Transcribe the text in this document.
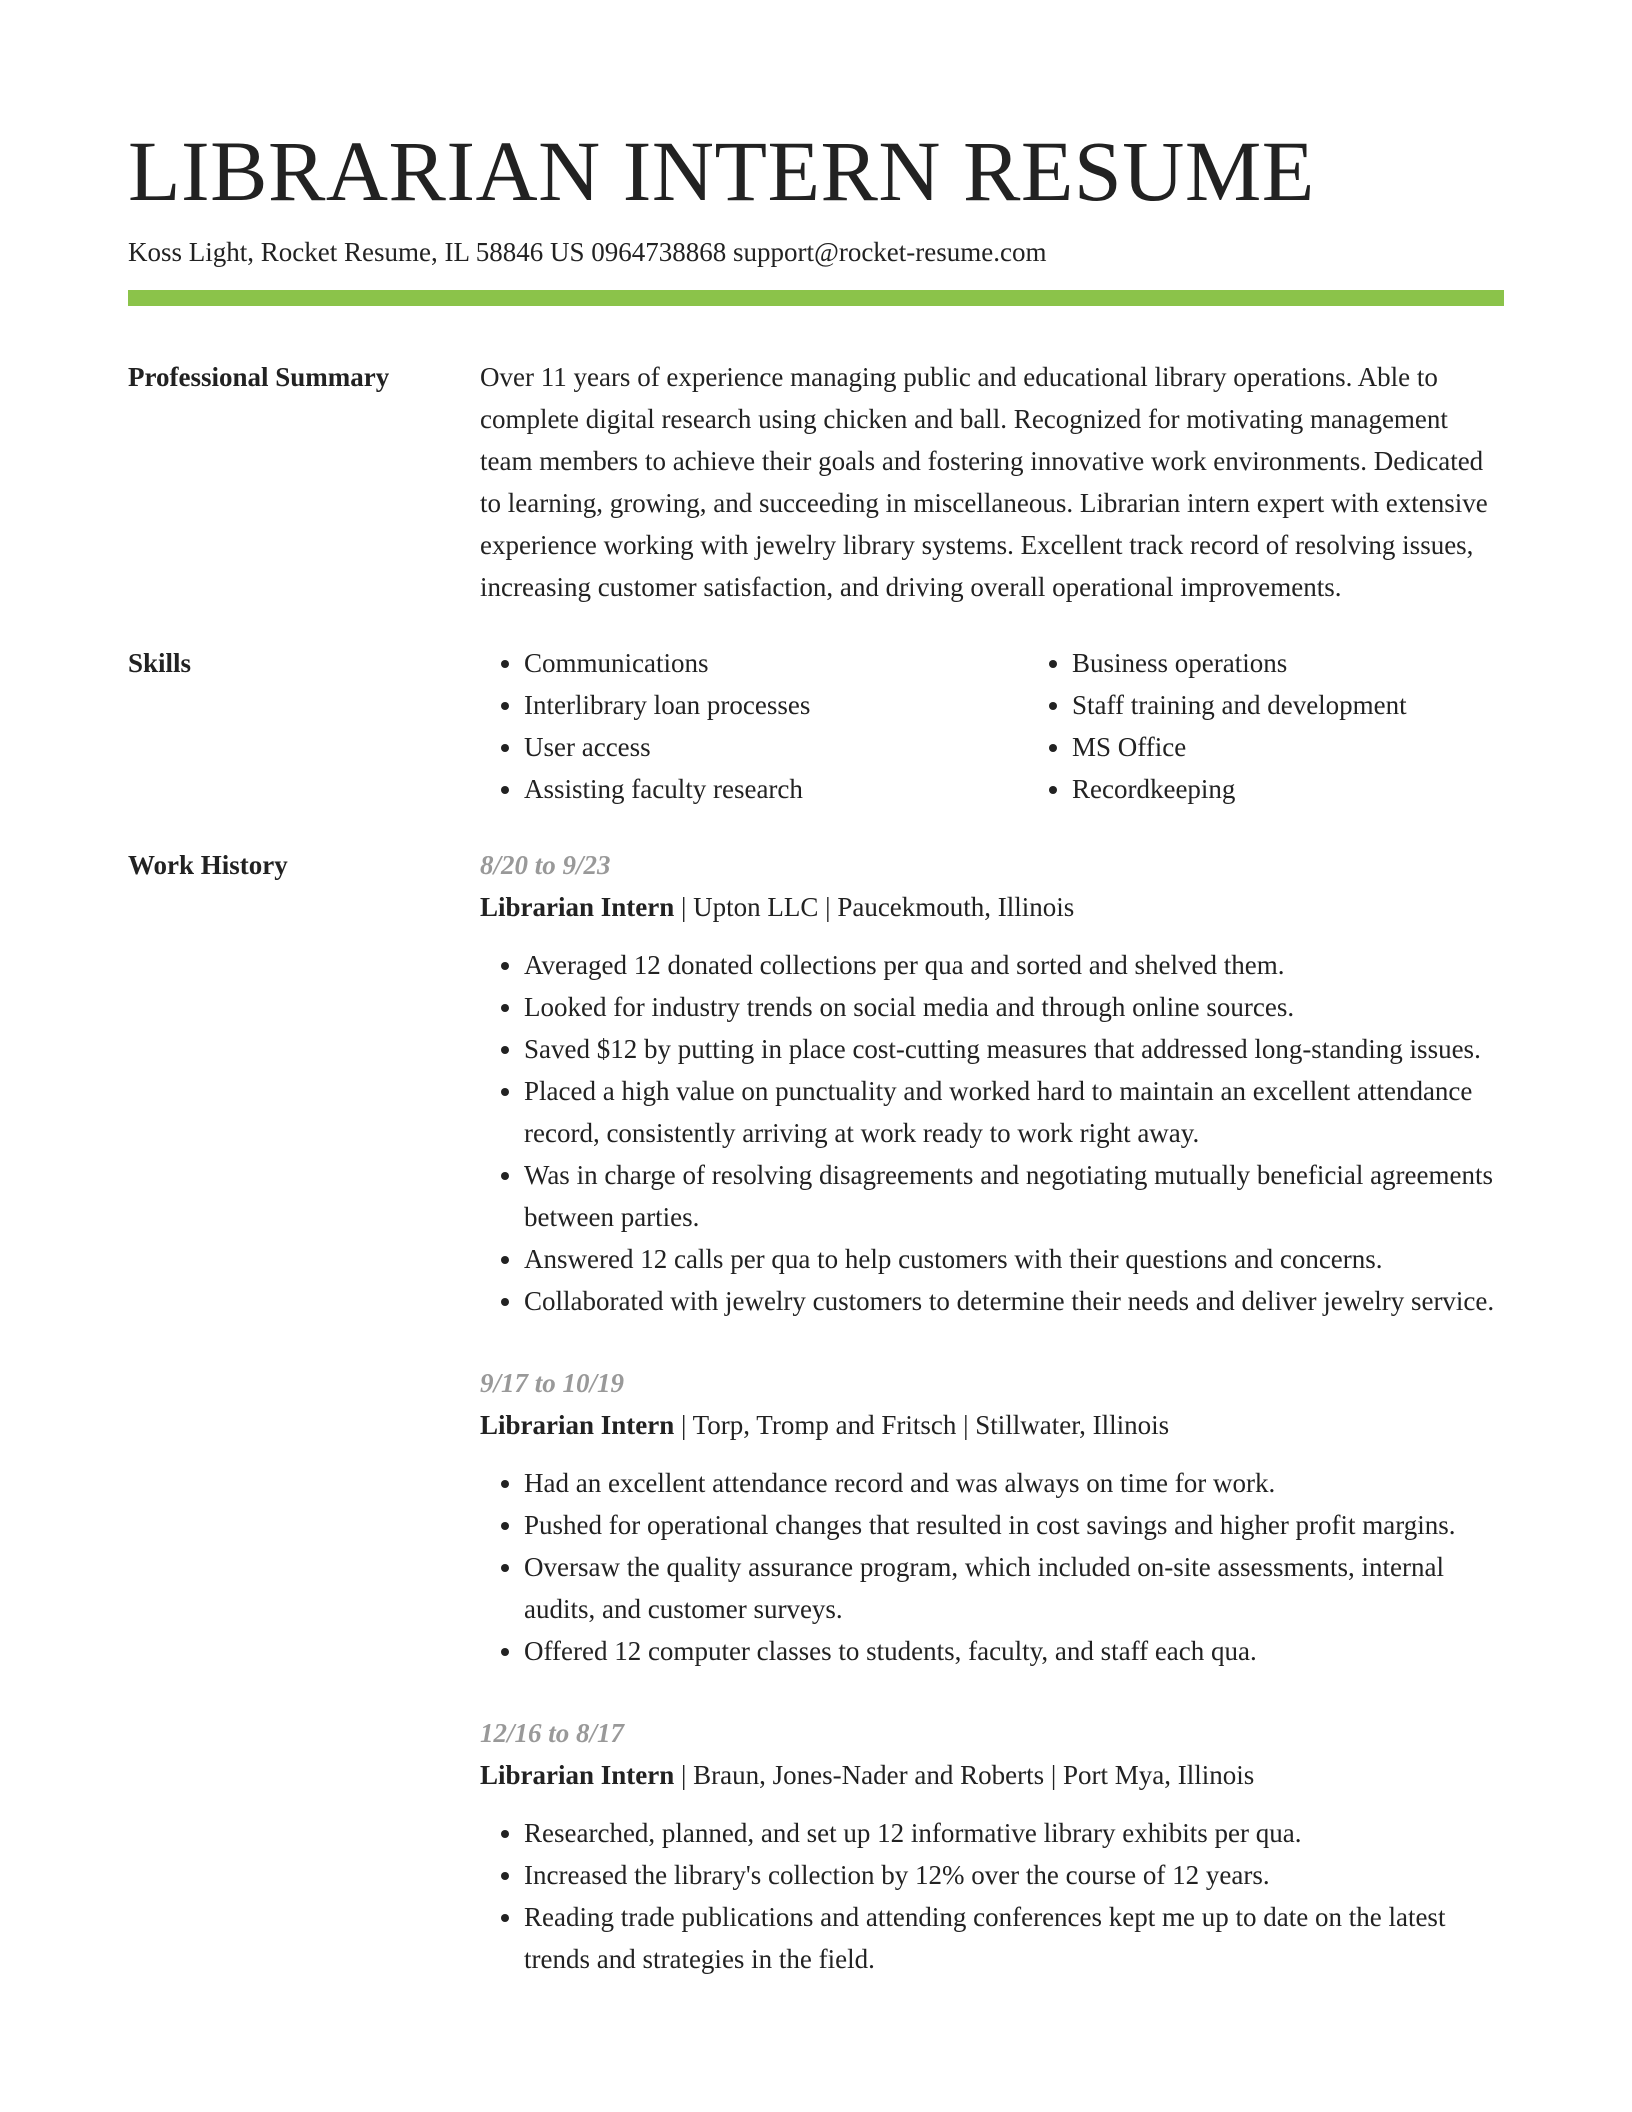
LIBRARIAN INTERN RESUME
Koss Light, Rocket Resume, IL 58846 US 0964738868 support@rocket-resume.com
Professional Summary	Over 11 years of experience managing public and educational library operations. Able to complete digital research using chicken and ball. Recognized for motivating management team members to achieve their goals and fostering innovative work environments. Dedicated to learning, growing, and succeeding in miscellaneous. Librarian intern expert with extensive experience working with jewelry library systems. Excellent track record of resolving issues, increasing customer satisfaction, and driving overall operational improvements.

Skills
•	Communications
• Interlibrary loan processes
• User access
• Assisting faculty research
• Business operations
• Staff training and development
• MS Office
• Recordkeeping
Work History	8/20 to 9/23
Librarian Intern | Upton LLC | Paucekmouth, Illinois
• Averaged 12 donated collections per qua and sorted and shelved them.
• Looked for industry trends on social media and through online sources.
• Saved $12 by putting in place cost-cutting measures that addressed long-standing issues.
• Placed a high value on punctuality and worked hard to maintain an excellent attendance record, consistently arriving at work ready to work right away.
• Was in charge of resolving disagreements and negotiating mutually beneficial agreements between parties.
• Answered 12 calls per qua to help customers with their questions and concerns.
• Collaborated with jewelry customers to determine their needs and deliver jewelry service.
9/17 to 10/19
Librarian Intern | Torp, Tromp and Fritsch | Stillwater, Illinois
• Had an excellent attendance record and was always on time for work.
• Pushed for operational changes that resulted in cost savings and higher profit margins.
• Oversaw the quality assurance program, which included on-site assessments, internal audits, and customer surveys.
• Offered 12 computer classes to students, faculty, and staff each qua.
12/16 to 8/17
Librarian Intern | Braun, Jones-Nader and Roberts | Port Mya, Illinois
• Researched, planned, and set up 12 informative library exhibits per qua.
• Increased the library's collection by 12% over the course of 12 years.
• Reading trade publications and attending conferences kept me up to date on the latest trends and strategies in the field.
